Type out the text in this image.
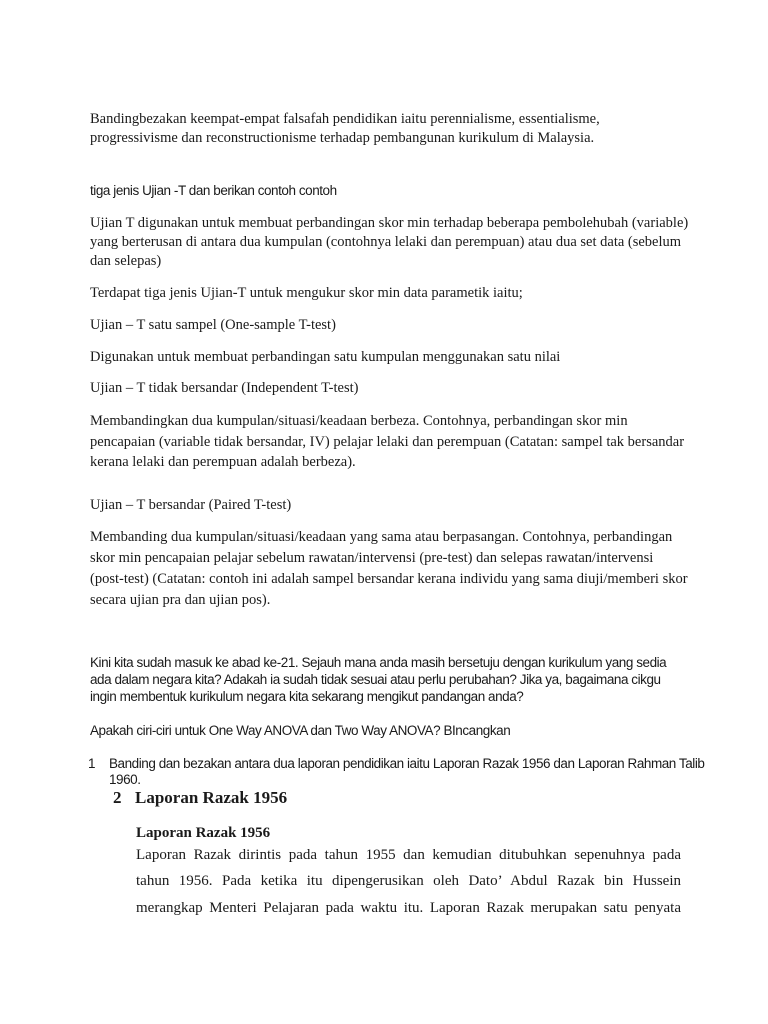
Bandingbezakan keempat-empat falsafah pendidikan iaitu perennialisme, essentialisme, progressivisme dan reconstructionisme terhadap pembangunan kurikulum di Malaysia.

tiga jenis Ujian -T dan berikan contoh contoh

Ujian T digunakan untuk membuat perbandingan skor min terhadap beberapa pembolehubah (variable) yang berterusan di antara dua kumpulan (contohnya lelaki dan perempuan) atau dua set data (sebelum dan selepas)

Terdapat tiga jenis Ujian-T untuk mengukur skor min data parametik iaitu;

Ujian – T satu sampel (One-sample T-test)

Digunakan untuk membuat perbandingan satu kumpulan menggunakan satu nilai

Ujian – T tidak bersandar (Independent T-test)

Membandingkan dua kumpulan/situasi/keadaan berbeza. Contohnya, perbandingan skor min pencapaian (variable tidak bersandar, IV) pelajar lelaki dan perempuan (Catatan: sampel tak bersandar kerana lelaki dan perempuan adalah berbeza).

Ujian – T bersandar (Paired T-test)

Membanding dua kumpulan/situasi/keadaan yang sama atau berpasangan. Contohnya, perbandingan skor min pencapaian pelajar sebelum rawatan/intervensi (pre-test) dan selepas rawatan/intervensi (post-test) (Catatan: contoh ini adalah sampel bersandar kerana individu yang sama diuji/memberi skor secara ujian pra dan ujian pos).

Kini kita sudah masuk ke abad ke-21. Sejauh mana anda masih bersetuju dengan kurikulum yang sedia ada dalam negara kita? Adakah ia sudah tidak sesuai atau perlu perubahan? Jika ya, bagaimana cikgu ingin membentuk kurikulum negara kita sekarang mengikut pandangan anda?

Apakah ciri-ciri untuk One Way ANOVA dan Two Way ANOVA? BIncangkan

1 Banding dan bezakan antara dua laporan pendidikan iaitu Laporan Razak 1956 dan Laporan Rahman Talib 1960.
2 Laporan Razak 1956
Laporan Razak 1956
Laporan Razak dirintis pada tahun 1955 dan kemudian ditubuhkan sepenuhnya pada
tahun 1956. Pada ketika itu dipengerusikan oleh Dato’ Abdul Razak bin Hussein
merangkap Menteri Pelajaran pada waktu itu. Laporan Razak merupakan satu penyata
